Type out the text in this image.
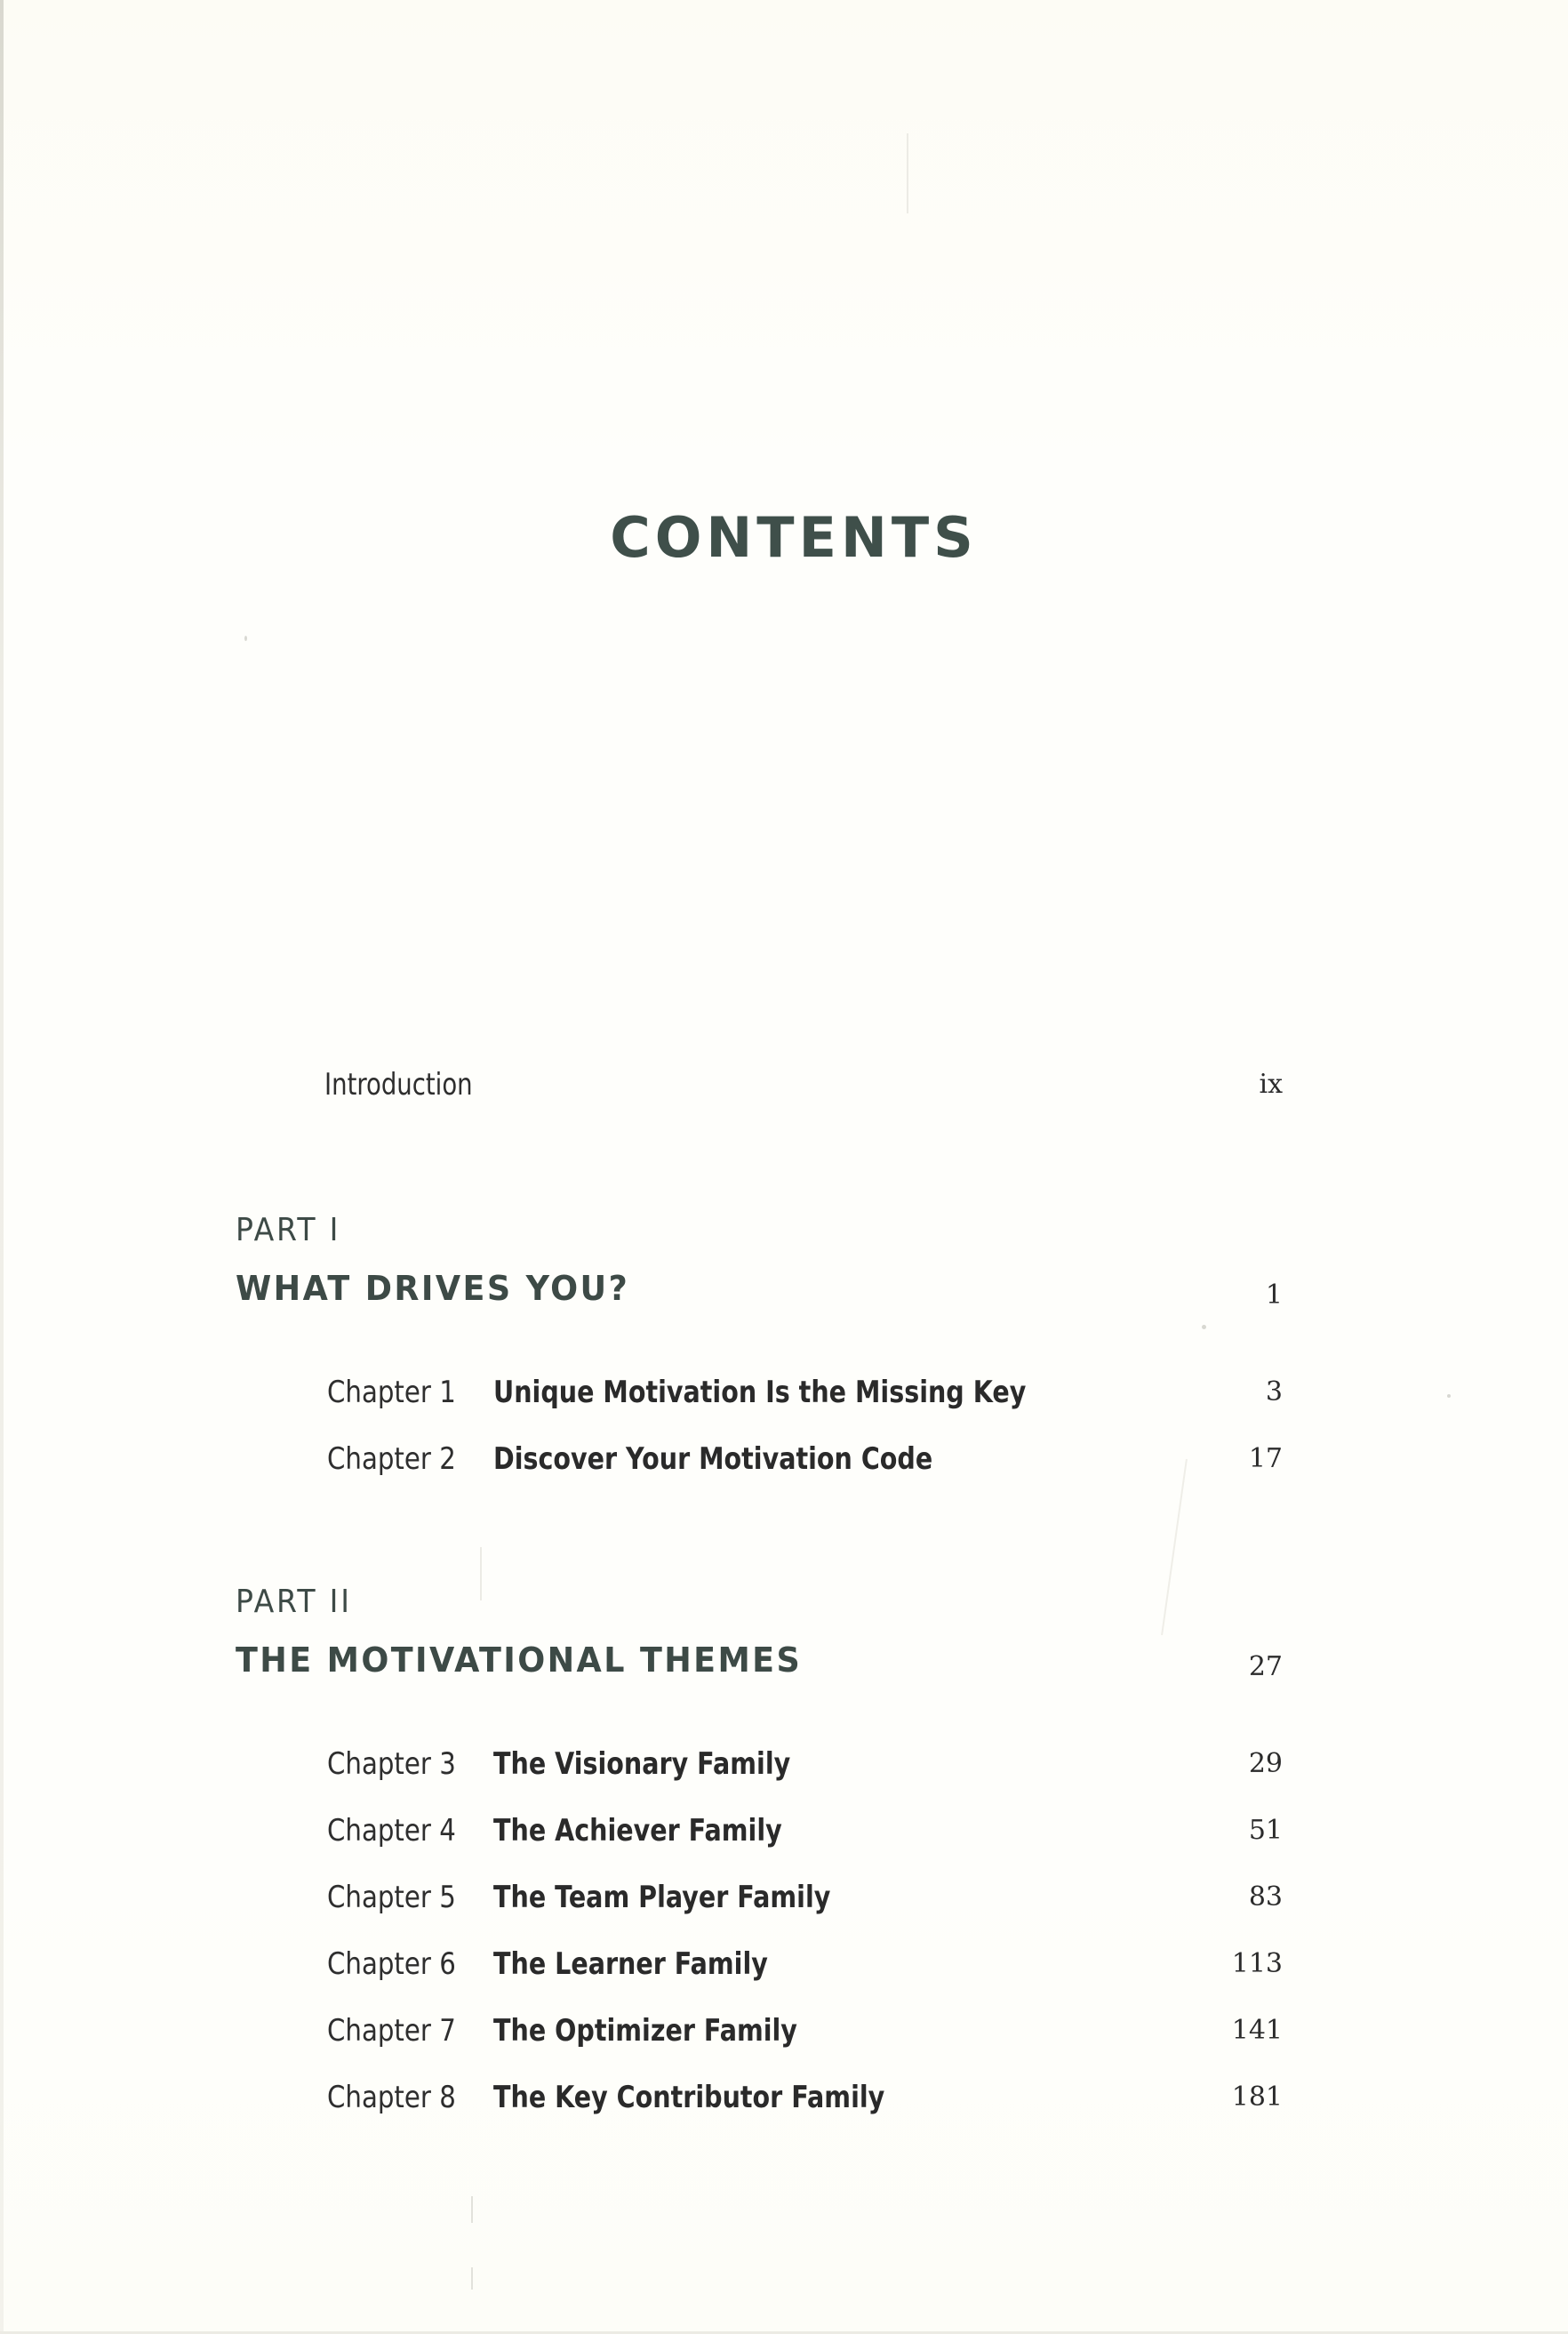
CONTENTS
Introduction	ix
PART I
WHAT DRIVES YOU?	1
Chapter 1 Unique Motivation Is the Missing Key	3
Chapter 2 Discover Your Motivation Code	17
PART II
THE MOTIVATIONAL THEMES	27
Chapter 3 The Visionary Family	29
Chapter 4 The Achiever Family	51
Chapter 5 The Team Player Family	83
Chapter 6 The Learner Family	113
Chapter 7 The Optimizer Family	141
Chapter 8 The Key Contributor Family	181
